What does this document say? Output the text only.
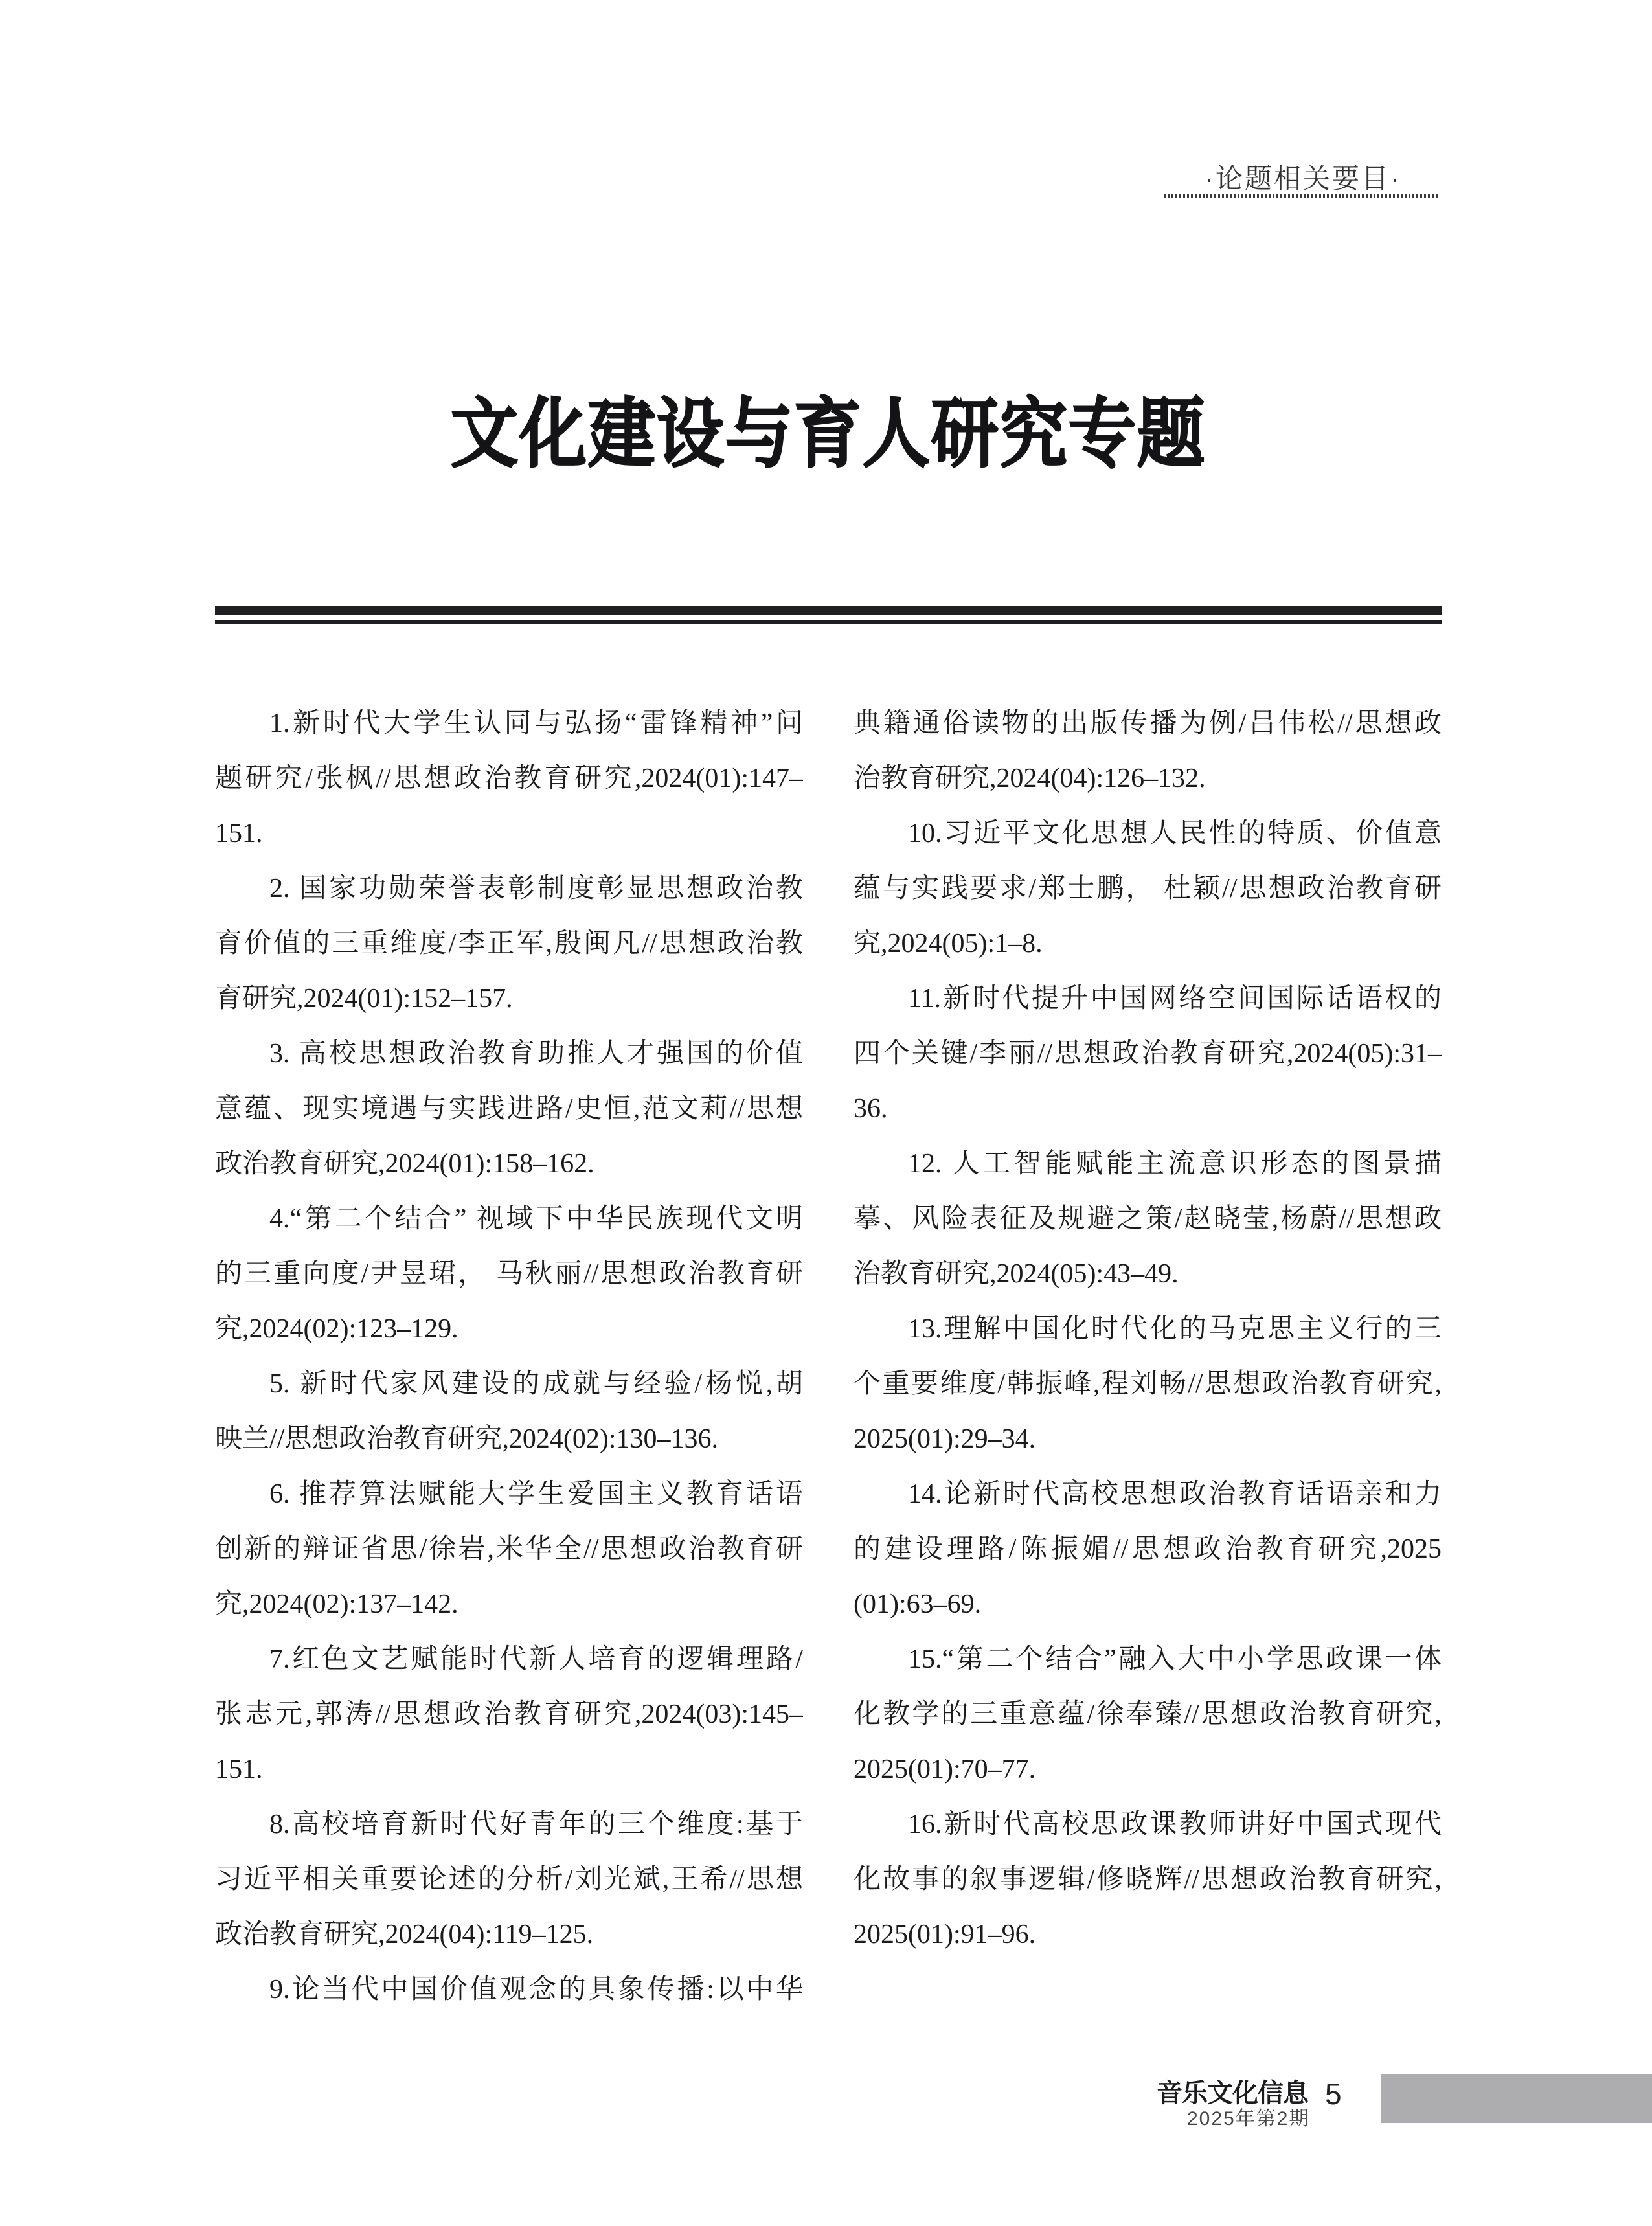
·论题相关要目·
文化建设与育人研究专题
1.新时代大学生认同与弘扬“雷锋精神”问
题研究/张枫//思想政治教育研究,2024(01):147–
151.
2. 国家功勋荣誉表彰制度彰显思想政治教
育价值的三重维度/李正军,殷闽凡//思想政治教
育研究,2024(01):152–157.
3. 高校思想政治教育助推人才强国的价值
意蕴、现实境遇与实践进路/史恒,范文莉//思想
政治教育研究,2024(01):158–162.
4.“第二个结合” 视域下中华民族现代文明
的三重向度/尹昱珺， 马秋丽//思想政治教育研
究,2024(02):123–129.
5. 新时代家风建设的成就与经验/杨悦,胡
映兰//思想政治教育研究,2024(02):130–136.
6. 推荐算法赋能大学生爱国主义教育话语
创新的辩证省思/徐岩,米华全//思想政治教育研
究,2024(02):137–142.
7.红色文艺赋能时代新人培育的逻辑理路/
张志元,郭涛//思想政治教育研究,2024(03):145–
151.
8.高校培育新时代好青年的三个维度:基于
习近平相关重要论述的分析/刘光斌,王希//思想
政治教育研究,2024(04):119–125.
9.论当代中国价值观念的具象传播:以中华
典籍通俗读物的出版传播为例/吕伟松//思想政
治教育研究,2024(04):126–132.
10.习近平文化思想人民性的特质、价值意
蕴与实践要求/郑士鹏， 杜颖//思想政治教育研
究,2024(05):1–8.
11.新时代提升中国网络空间国际话语权的
四个关键/李丽//思想政治教育研究,2024(05):31–
36.
12. 人工智能赋能主流意识形态的图景描
摹、风险表征及规避之策/赵晓莹,杨蔚//思想政
治教育研究,2024(05):43–49.
13.理解中国化时代化的马克思主义行的三
个重要维度/韩振峰,程刘畅//思想政治教育研究,
2025(01):29–34.
14.论新时代高校思想政治教育话语亲和力
的建设理路/陈振媚//思想政治教育研究,2025
(01):63–69.
15.“第二个结合”融入大中小学思政课一体
化教学的三重意蕴/徐奉臻//思想政治教育研究,
2025(01):70–77.
16.新时代高校思政课教师讲好中国式现代
化故事的叙事逻辑/修晓辉//思想政治教育研究,
2025(01):91–96.
音乐文化信息
2025年第2期
5
